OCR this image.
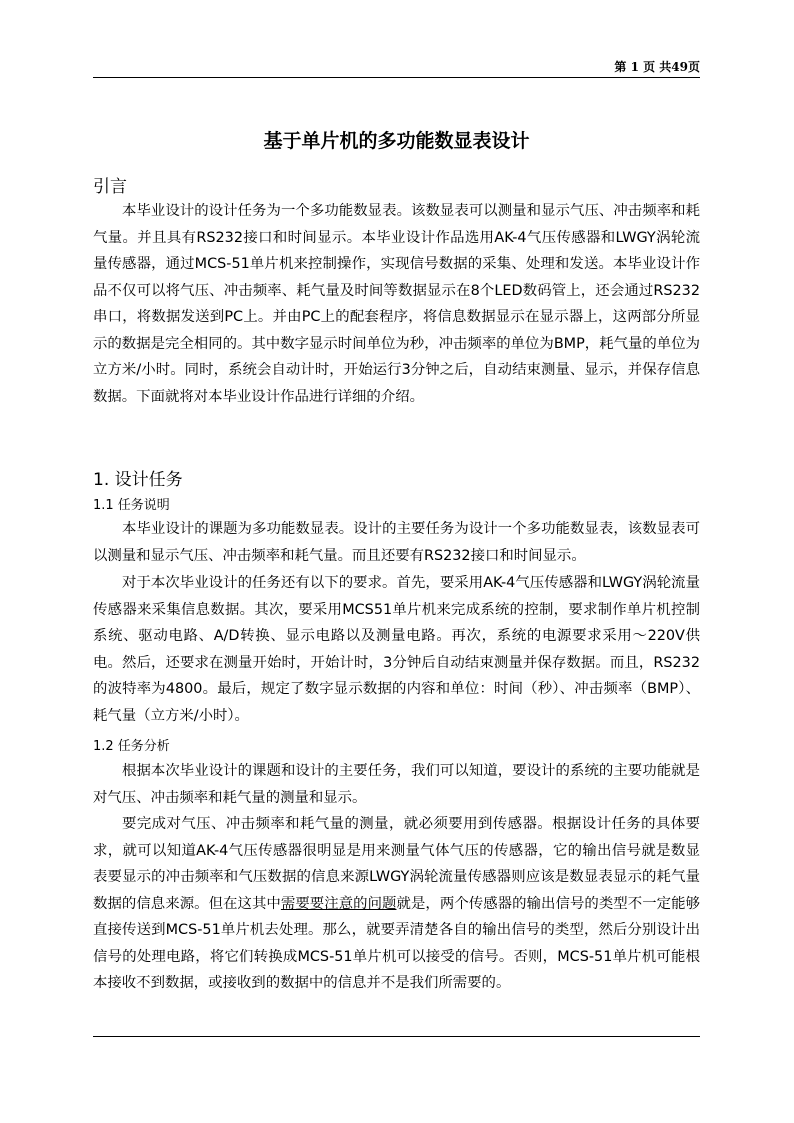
第 1 页 共49页
基于单片机的多功能数显表设计
引言

本毕业设计的设计任务为一个多功能数显表。该数显表可以测量和显示气压、冲击频率和耗气量。并且具有RS232接口和时间显示。本毕业设计作品选用AK-4气压传感器和LWGY涡轮流量传感器，通过MCS-51单片机来控制操作，实现信号数据的采集、处理和发送。本毕业设计作品不仅可以将气压、冲击频率、耗气量及时间等数据显示在8个LED数码管上，还会通过RS232串口，将数据发送到PC上。并由PC上的配套程序，将信息数据显示在显示器上，这两部分所显示的数据是完全相同的。其中数字显示时间单位为秒，冲击频率的单位为BMP，耗气量的单位为立方米/小时。同时，系统会自动计时，开始运行3分钟之后，自动结束测量、显示，并保存信息数据。下面就将对本毕业设计作品进行详细的介绍。

1. 设计任务
1.1 任务说明

本毕业设计的课题为多功能数显表。设计的主要任务为设计一个多功能数显表，该数显表可以测量和显示气压、冲击频率和耗气量。而且还要有RS232接口和时间显示。

对于本次毕业设计的任务还有以下的要求。首先，要采用AK-4气压传感器和LWGY涡轮流量传感器来采集信息数据。其次，要采用MCS51单片机来完成系统的控制，要求制作单片机控制系统、驱动电路、A/D转换、显示电路以及测量电路。再次，系统的电源要求采用～220V供电。然后，还要求在测量开始时，开始计时，3分钟后自动结束测量并保存数据。而且，RS232的波特率为4800。最后，规定了数字显示数据的内容和单位：时间（秒）、冲击频率（BMP）、耗气量（立方米/小时）。

1.2 任务分析

根据本次毕业设计的课题和设计的主要任务，我们可以知道，要设计的系统的主要功能就是对气压、冲击频率和耗气量的测量和显示。

要完成对气压、冲击频率和耗气量的测量，就必须要用到传感器。根据设计任务的具体要求，就可以知道AK-4气压传感器很明显是用来测量气体气压的传感器，它的输出信号就是数显表要显示的冲击频率和气压数据的信息来源LWGY涡轮流量传感器则应该是数显表显示的耗气量数据的信息来源。但在这其中需要要注意的问题就是，两个传感器的输出信号的类型不一定能够直接传送到MCS-51单片机去处理。那么，就要弄清楚各自的输出信号的类型，然后分别设计出信号的处理电路，将它们转换成MCS-51单片机可以接受的信号。否则，MCS-51单片机可能根本接收不到数据，或接收到的数据中的信息并不是我们所需要的。
